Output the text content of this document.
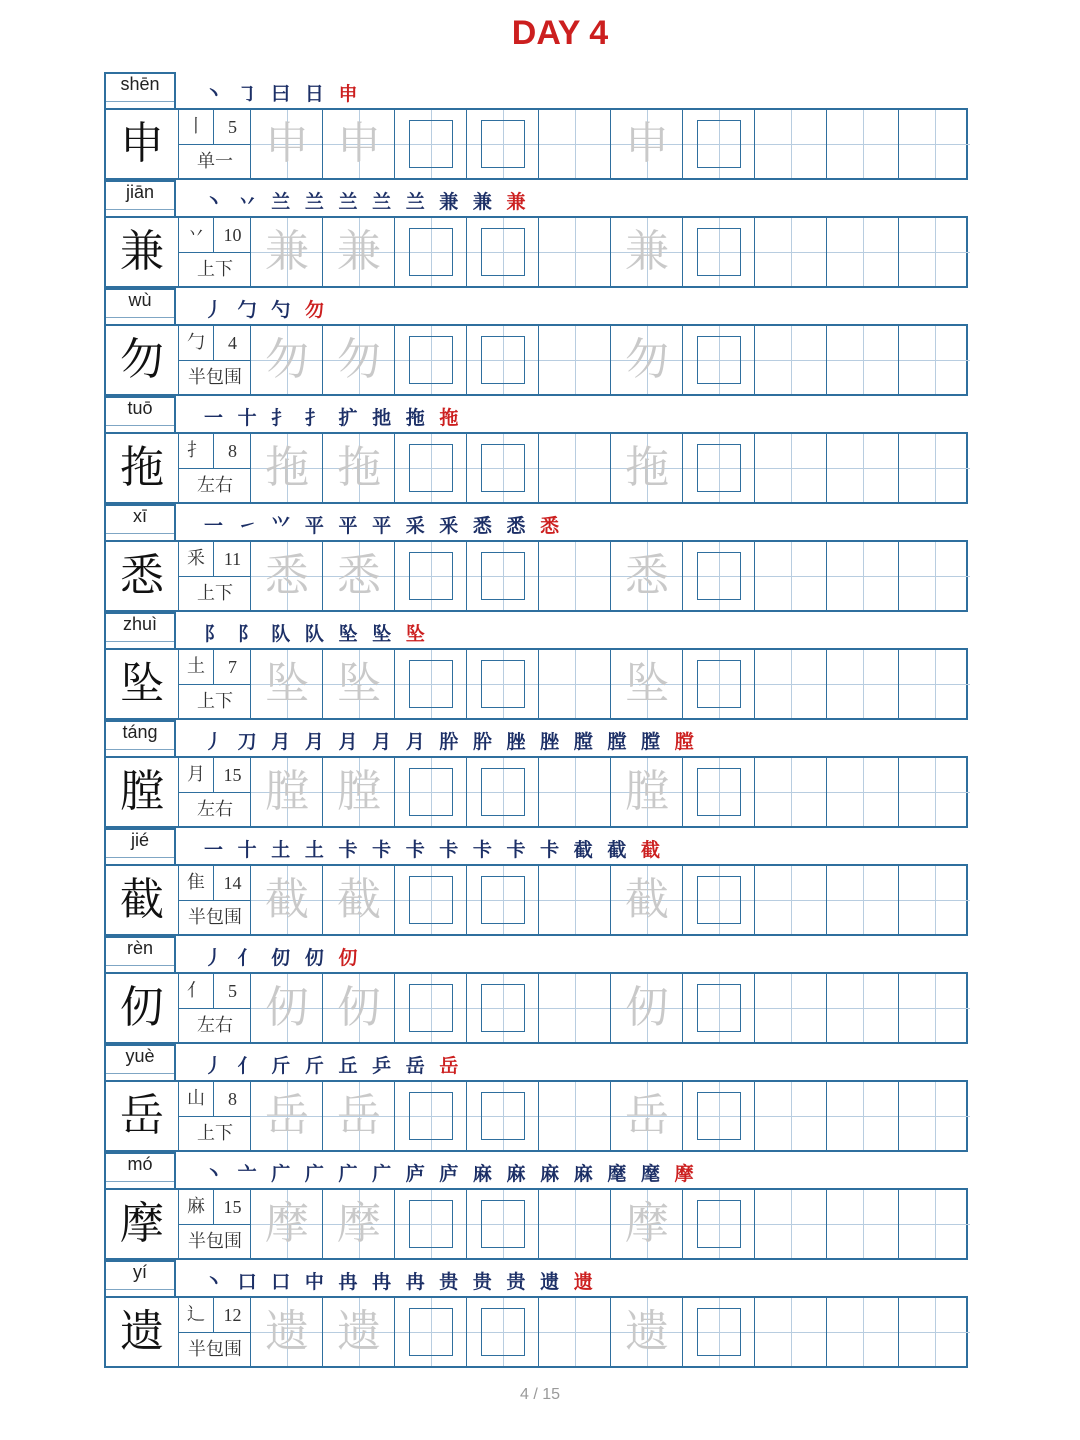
DAY 4
shēn	丶 ㇆ 曰 日 申
申	丨	5
单一 申 申	申
jiān	丶 丷 兰 兰 兰 兰 兰 兼 兼 兼
兼	丷	10
上下 兼 兼	兼
wù	丿 勹 勺 勿
勿	勹	4
半包围 勿 勿	勿
tuō	一 十 扌 扌 扩 扡 拖 拖
拖	扌	8
左右 拖 拖	拖
xī	一 ㇀ ⺍ 平 平 平 采 釆 悉 悉 悉
悉	釆	11
上下 悉 悉	悉
zhuì	阝 阝 队 队 坠 坠 坠
坠	土	7
上下 坠 坠	坠
táng	丿 刀 月 月 月 月 月 肸 肸 脞 脞 膛 膛 膛 膛
膛	月	15
左右 膛 膛	膛
jié	一 十 土 土 卡 卡 卡 卡 卡 卡 卡 截 截 截
截	隹	14
半包围 截 截	截
rèn	丿 亻 仞 仞 仞
仞	亻	5
左右 仞 仞	仞
yuè	丿 亻 斤 斤 丘 乒 岳 岳
岳	山	8
上下 岳 岳	岳
mó	丶 亠 广 广 广 广 庐 庐 麻 麻 麻 麻 麾 麾 摩
摩	麻	15
半包围 摩 摩	摩
yí	丶 口 口 中 冉 冉 冉 贵 贵 贵 遗 遗
遗	辶	12
半包围 遗 遗	遗
4 / 15
